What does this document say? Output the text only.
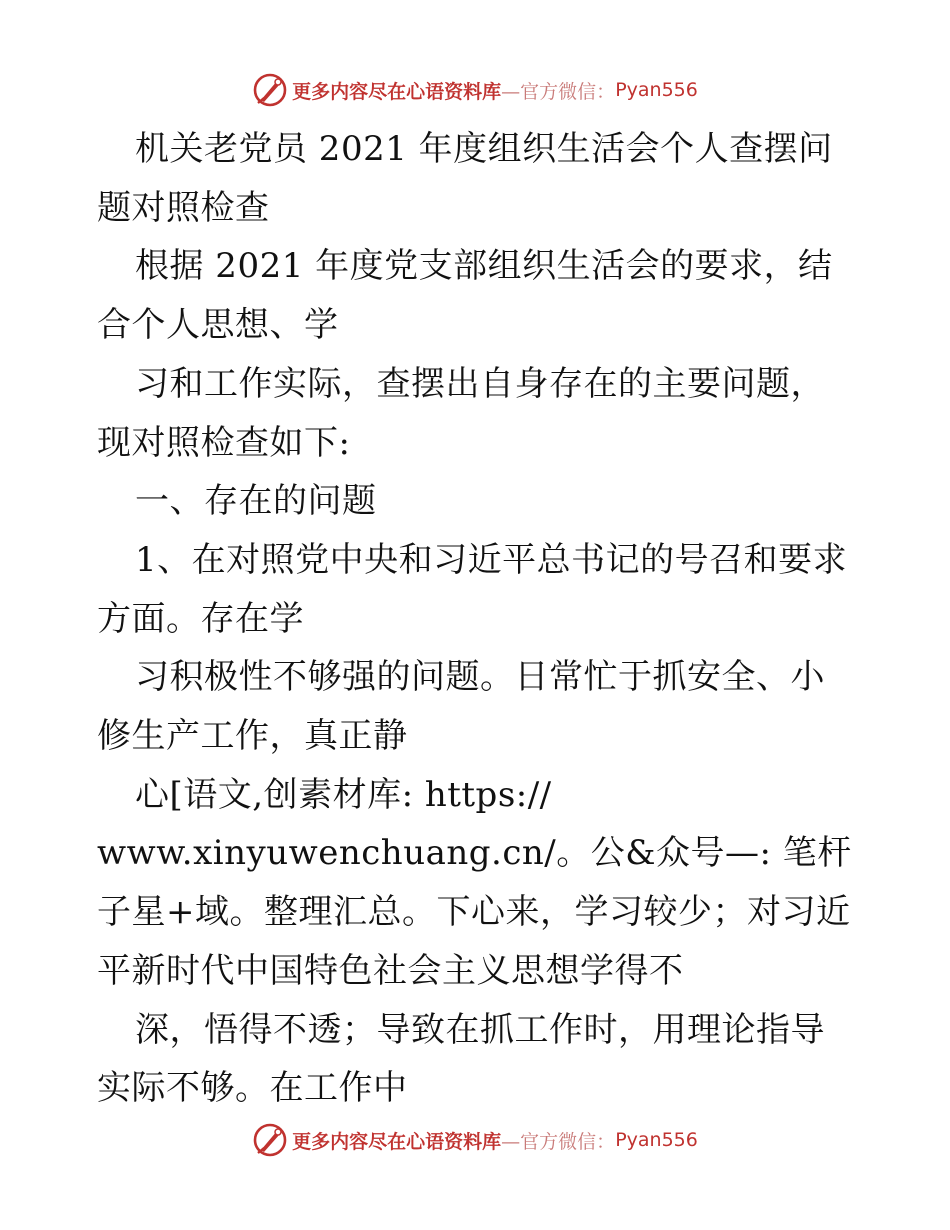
更多内容尽在心语资料库 —官方微信： Pyan556

机关老党员 2021 年度组织生活会个人查摆问题对照检查

根据 2021 年度党支部组织生活会的要求，结合个人思想、学

习和工作实际，查摆出自身存在的主要问题，现对照检查如下:

一、存在的问题

1、在对照党中央和习近平总书记的号召和要求方面。存在学

习积极性不够强的问题。日常忙于抓安全、小修生产工作，真正静

心[语文,创素材库: https://

www.xinyuwenchuang.cn/。公&众号—: 笔杆子星+域。整理汇总。下心来，学习较少；对习近平新时代中国特色社会主义思想学得不

深，悟得不透；导致在抓工作时，用理论指导实际不够。在工作中

更多内容尽在心语资料库 —官方微信： Pyan556
